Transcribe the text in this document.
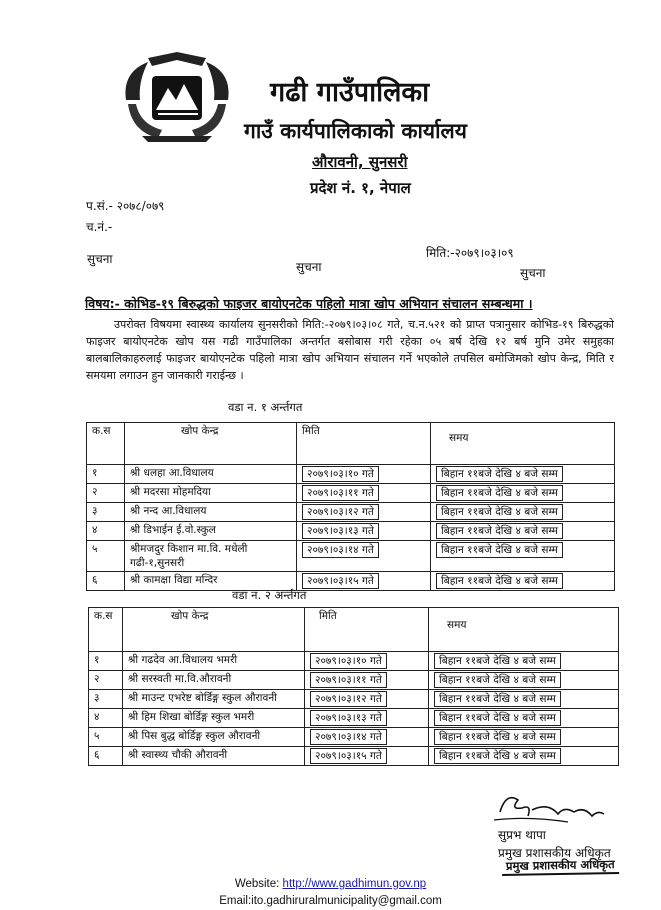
गढी गाउँपालिका
गाउँ कार्यपालिकाको कार्यालय
औरावनी, सुनसरी
प्रदेश नं. १, नेपाल
प.सं.- २०७८/०७९
च.नं.-
मिति:-२०७९।०३।०९
सुचना
सुचना	सुचना
विषय:- कोभिड-१९ बिरुद्धको फाइजर बायोएनटेक पहिलो मात्रा खोप अभियान संचालन सम्बन्धमा ।

उपरोक्त विषयमा स्वास्थ्य कार्यालय सुनसरीको मिति:-२०७९।०३।०८ गते, च.न.५२१ को प्राप्त पत्रानुसार कोभिड-१९ बिरुद्धको फाइजर बायोएनटेक खोप यस गढी गाउँपालिका अन्तर्गत बसोबास गरी रहेका ०५ बर्ष देखि १२ बर्ष मुनि उमेर समुहका बालबालिकाहरुलाई फाइजर बायोएनटेक पहिलो मात्रा खोप अभियान संचालन गर्ने भएकोले तपसिल बमोजिमको खोप केन्द्र, मिति र समयमा लगाउन हुन जानकारी गराईन्छ ।

वडा न. १ अर्न्तगत
क.स	खोप केन्द्र	मिति	समय
१	श्री धलहा आ.विधालय	२०७९।०३।१० गते	बिहान ११बजे देखि ४ बजे सम्म
२	श्री मदरसा मोहमदिया	२०७९।०३।११ गते	बिहान ११बजे देखि ४ बजे सम्म
३	श्री नन्द आ.विधालय	२०७९।०३।१२ गते	बिहान ११बजे देखि ४ बजे सम्म
४	श्री डिभाईन ई.वो.स्कुल	२०७९।०३।१३ गते	बिहान ११बजे देखि ४ बजे सम्म
५	श्रीमजदुर किशान मा.वि. मधेली गढी-१,सुनसरी	२०७९।०३।१४ गते	बिहान ११बजे देखि ४ बजे सम्म
६	श्री कामक्षा विद्या मन्दिर	२०७९।०३।१५ गते	बिहान ११बजे देखि ४ बजे सम्म
वडा न. २ अर्न्तगत
क.स	खोप केन्द्र	मिति	समय
१	श्री गढदेव आ.विधालय भमरी	२०७९।०३।१० गते	बिहान ११बजे देखि ४ बजे सम्म
२	श्री सरस्वती मा.वि.औरावनी	२०७९।०३।११ गते	बिहान ११बजे देखि ४ बजे सम्म
३	श्री माउन्ट एभरेष्ट बोर्डिङ्ग स्कुल औरावनी	२०७९।०३।१२ गते	बिहान ११बजे देखि ४ बजे सम्म
४	श्री हिम शिखा बोर्डिङ्ग स्कुल भमरी	२०७९।०३।१३ गते	बिहान ११बजे देखि ४ बजे सम्म
५	श्री पिस बुद्ध बोर्डिङ्ग स्कुल औरावनी	२०७९।०३।१४ गते	बिहान ११बजे देखि ४ बजे सम्म
६	श्री स्वास्थ्य चौकी औरावनी	२०७९।०३।१५ गते	बिहान ११बजे देखि ४ बजे सम्म
सुप्रभ थापा
प्रमुख प्रशासकीय अधिकृत
प्रमुख प्रशासकीय अधिकृत
Website: http://www.gadhimun.gov.np
Email:ito.gadhiruralmunicipality@gmail.com
